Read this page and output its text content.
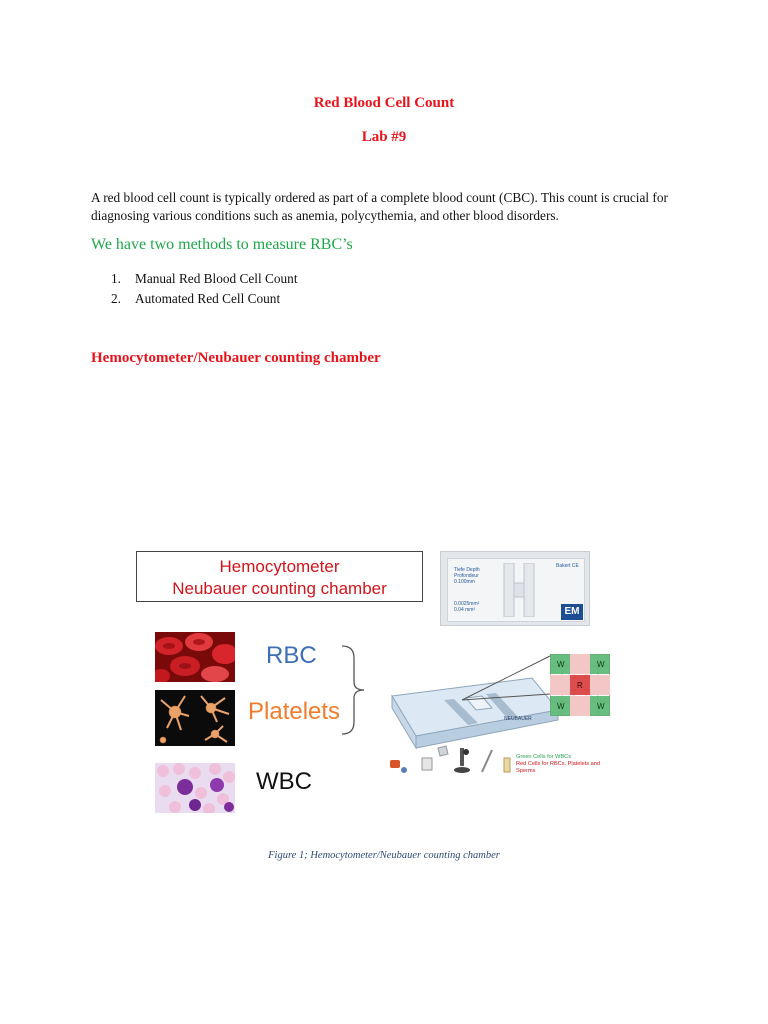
Red Blood Cell Count
Lab #9
A red blood cell count is typically ordered as part of a complete blood count (CBC). This count is crucial for diagnosing various conditions such as anemia, polycythemia, and other blood disorders.
We have two methods to measure RBC’s
1. Manual Red Blood Cell Count
2. Automated Red Cell Count
Hemocytometer/Neubauer counting chamber
Hemocytometer
Neubauer counting chamber
Tiefe Depth Profondeur 0.100mm
0.0025mm² 0.04 mm²
Bakert CE
EM
RBC
Platelets
WBC
NEUBAUER
W	W
W	W
R
Green Cells for WBCs
Red Cells for RBCs, Platelets and Sperms
Figure 1; Hemocytometer/Neubauer counting chamber
